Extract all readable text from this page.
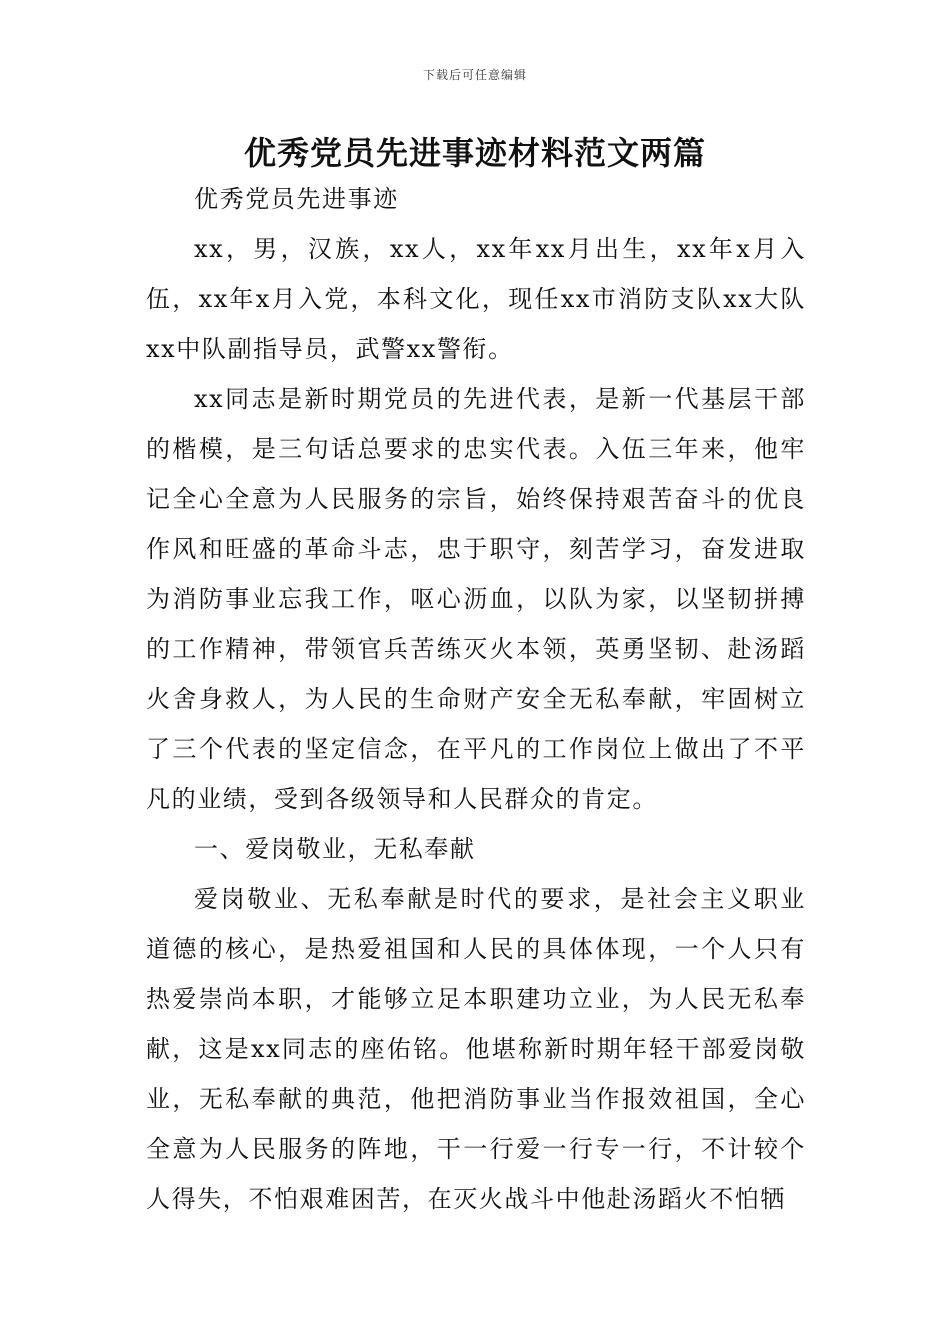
下载后可任意编辑
优秀党员先进事迹材料范文两篇

优秀党员先进事迹

xx，男，汉族，xx人，xx年xx月出生，xx年x月入伍，xx年x月入党，本科文化，现任xx市消防支队xx大队xx中队副指导员，武警xx警衔。

xx同志是新时期党员的先进代表，是新一代基层干部的楷模，是三句话总要求的忠实代表。入伍三年来，他牢记全心全意为人民服务的宗旨，始终保持艰苦奋斗的优良作风和旺盛的革命斗志，忠于职守，刻苦学习，奋发进取为消防事业忘我工作，呕心沥血，以队为家，以坚韧拼搏的工作精神，带领官兵苦练灭火本领，英勇坚韧、赴汤蹈火舍身救人，为人民的生命财产安全无私奉献，牢固树立了三个代表的坚定信念，在平凡的工作岗位上做出了不平凡的业绩，受到各级领导和人民群众的肯定。

一、爱岗敬业，无私奉献

爱岗敬业、无私奉献是时代的要求，是社会主义职业道德的核心，是热爱祖国和人民的具体体现，一个人只有热爱崇尚本职，才能够立足本职建功立业，为人民无私奉献，这是xx同志的座佑铭。他堪称新时期年轻干部爱岗敬业，无私奉献的典范，他把消防事业当作报效祖国，全心全意为人民服务的阵地，干一行爱一行专一行，不计较个人得失，不怕艰难困苦，在灭火战斗中他赴汤蹈火不怕牺
